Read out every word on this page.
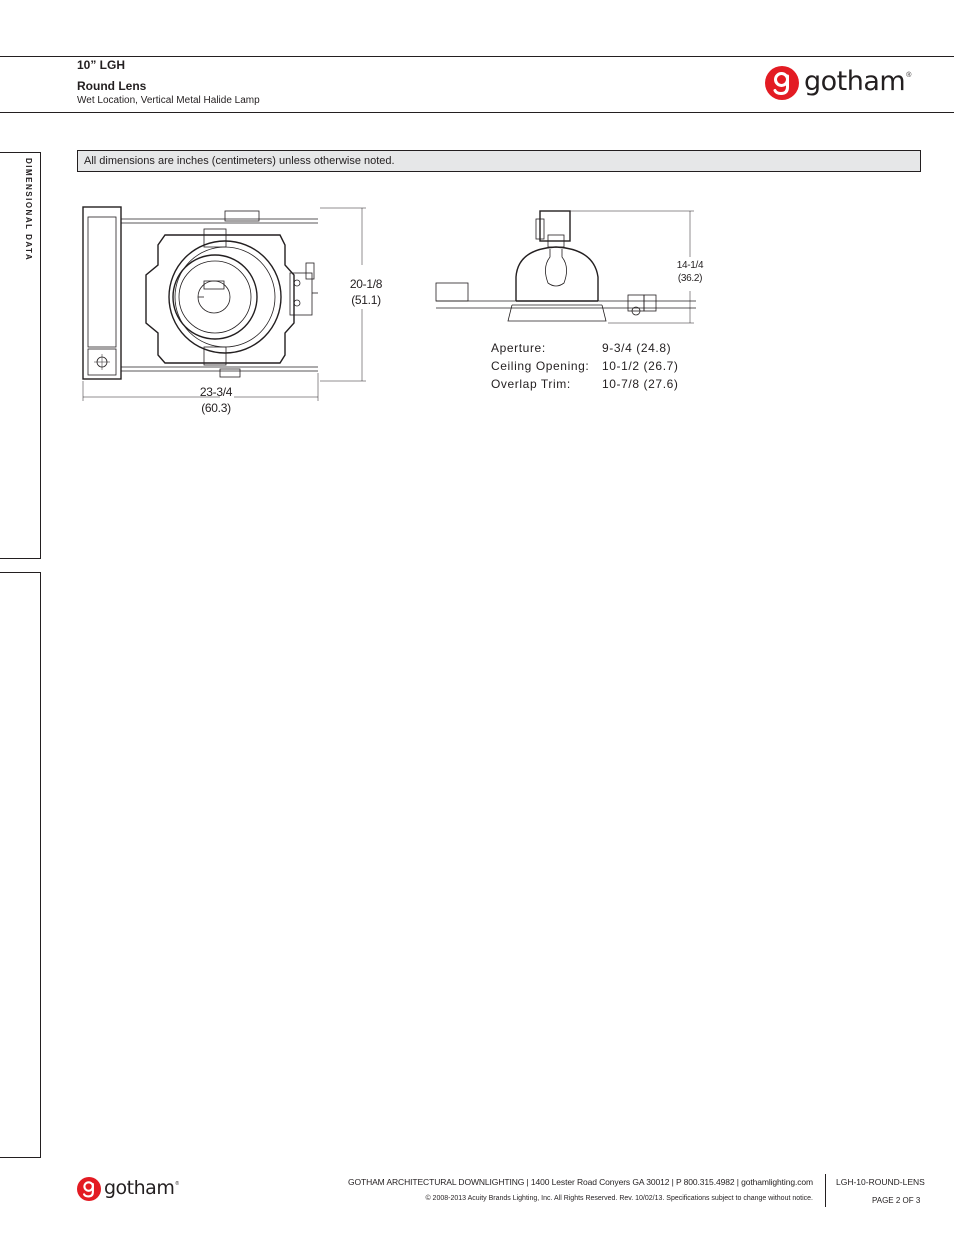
10” LGH
Round Lens
Wet Location, Vertical Metal Halide Lamp
gotham®
DIMENSIONAL DATA	All dimensions are inches (centimeters) unless otherwise noted.
20-1/8
(51.1)
23-3/4
(60.3)
14-1/4
(36.2)
Aperture:	9-3/4 (24.8)
Ceiling Opening:	10-1/2 (26.7)
Overlap Trim:	10-7/8 (27.6)
gotham®	GOTHAM ARCHITECTURAL DOWNLIGHTING | 1400 Lester Road Conyers GA 30012 | P 800.315.4982 | gothamlighting.com
© 2008-2013 Acuity Brands Lighting, Inc. All Rights Reserved. Rev. 10/02/13. Specifications subject to change without notice.
LGH-10-ROUND-LENS
PAGE 2 OF 3
